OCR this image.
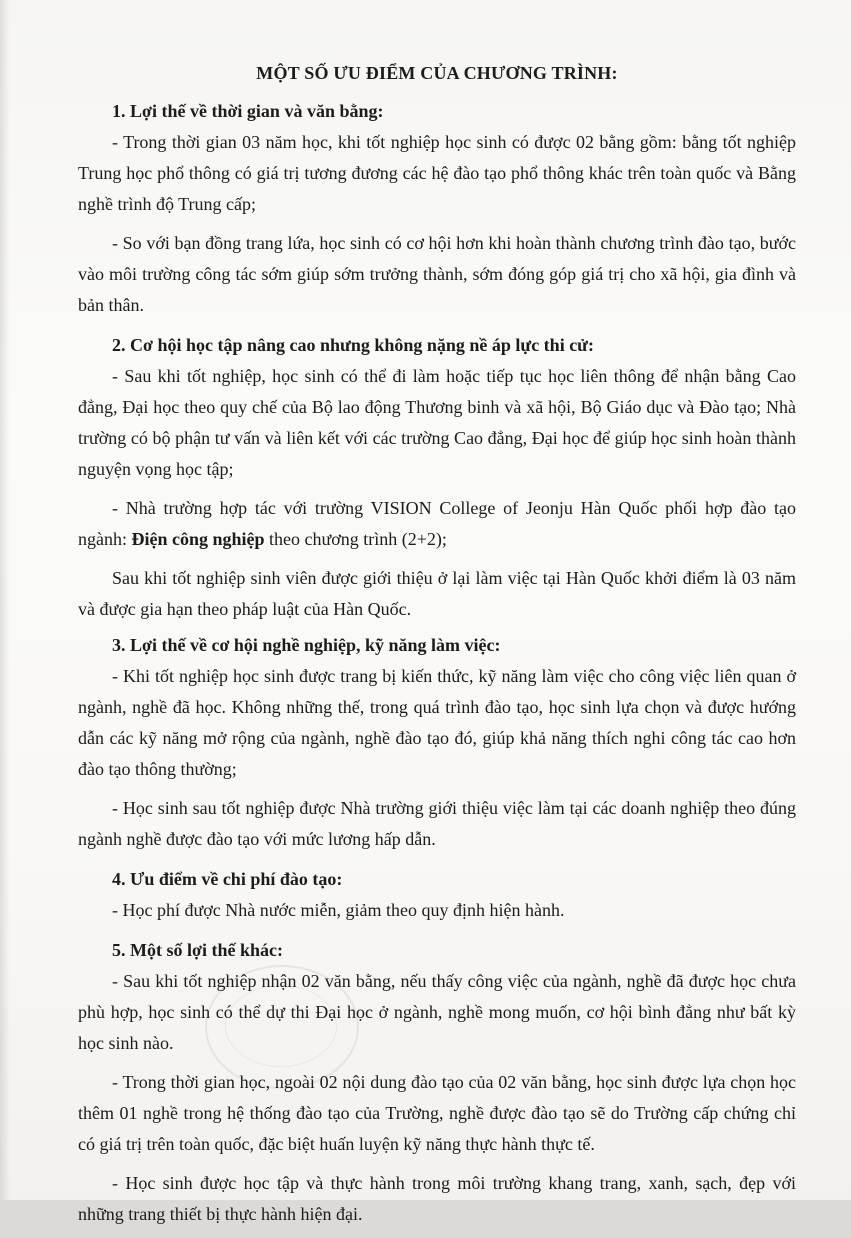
MỘT SỐ ƯU ĐIỂM CỦA CHƯƠNG TRÌNH:

1. Lợi thế về thời gian và văn bằng:

- Trong thời gian 03 năm học, khi tốt nghiệp học sinh có được 02 bằng gồm: bằng tốt nghiệp Trung học phổ thông có giá trị tương đương các hệ đào tạo phổ thông khác trên toàn quốc và Bằng nghề trình độ Trung cấp;

- So với bạn đồng trang lứa, học sinh có cơ hội hơn khi hoàn thành chương trình đào tạo, bước vào môi trường công tác sớm giúp sớm trưởng thành, sớm đóng góp giá trị cho xã hội, gia đình và bản thân.

2. Cơ hội học tập nâng cao nhưng không nặng nề áp lực thi cử:

- Sau khi tốt nghiệp, học sinh có thể đi làm hoặc tiếp tục học liên thông để nhận bằng Cao đẳng, Đại học theo quy chế của Bộ lao động Thương binh và xã hội, Bộ Giáo dục và Đào tạo; Nhà trường có bộ phận tư vấn và liên kết với các trường Cao đẳng, Đại học để giúp học sinh hoàn thành nguyện vọng học tập;

- Nhà trường hợp tác với trường VISION College of Jeonju Hàn Quốc phối hợp đào tạo ngành: Điện công nghiệp theo chương trình (2+2);

Sau khi tốt nghiệp sinh viên được giới thiệu ở lại làm việc tại Hàn Quốc khởi điểm là 03 năm và được gia hạn theo pháp luật của Hàn Quốc.

3. Lợi thế về cơ hội nghề nghiệp, kỹ năng làm việc:

- Khi tốt nghiệp học sinh được trang bị kiến thức, kỹ năng làm việc cho công việc liên quan ở ngành, nghề đã học. Không những thế, trong quá trình đào tạo, học sinh lựa chọn và được hướng dẫn các kỹ năng mở rộng của ngành, nghề đào tạo đó, giúp khả năng thích nghi công tác cao hơn đào tạo thông thường;

- Học sinh sau tốt nghiệp được Nhà trường giới thiệu việc làm tại các doanh nghiệp theo đúng ngành nghề được đào tạo với mức lương hấp dẫn.

4. Ưu điểm về chi phí đào tạo:

- Học phí được Nhà nước miễn, giảm theo quy định hiện hành.

5. Một số lợi thế khác:

- Sau khi tốt nghiệp nhận 02 văn bằng, nếu thấy công việc của ngành, nghề đã được học chưa phù hợp, học sinh có thể dự thi Đại học ở ngành, nghề mong muốn, cơ hội bình đẳng như bất kỳ học sinh nào.

- Trong thời gian học, ngoài 02 nội dung đào tạo của 02 văn bằng, học sinh được lựa chọn học thêm 01 nghề trong hệ thống đào tạo của Trường, nghề được đào tạo sẽ do Trường cấp chứng chỉ có giá trị trên toàn quốc, đặc biệt huấn luyện kỹ năng thực hành thực tế.

- Học sinh được học tập và thực hành trong môi trường khang trang, xanh, sạch, đẹp với những trang thiết bị thực hành hiện đại.
